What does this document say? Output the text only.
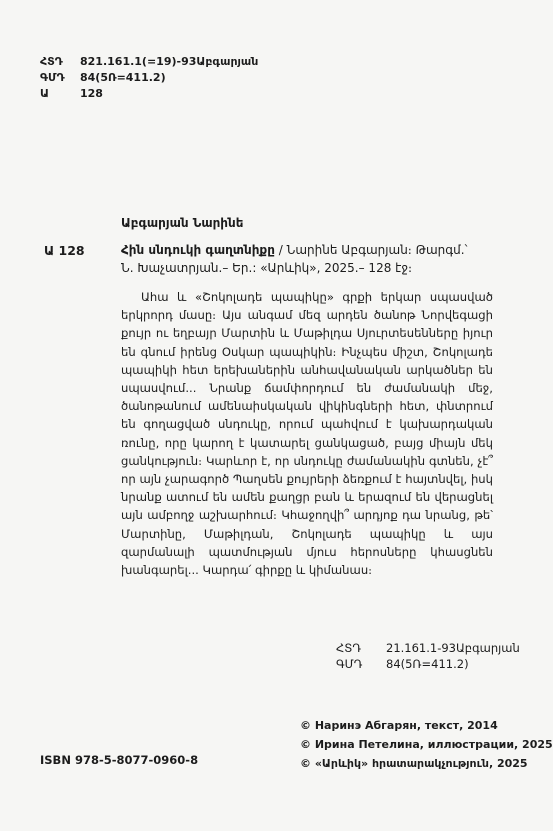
ՀՏԴ	821.161.1(=19)-93Աբգարյան
ԳՄԴ	84(5Ռ=411.2)
Ա	128
Աբգարյան Նարինե
Ա 128	Հին սնդուկի գաղտնիքը / Նարինե Աբգարյան։ Թարգմ.՝
Ն. Խաչատրյան.– Եր.: «Արևիկ», 2025.– 128 էջ։
Ահա և «Շոկոլադե պապիկը» գրքի երկար սպասված երկրորդ մասը։ Այս անգամ մեզ արդեն ծանոթ Նորվեգացի քույր ու եղբայր Մարտին և Մաթիլդա Սյուրտեսենները իյուր են գնում իրենց Օսկար պապիկին։ Ինչպես միշտ, Շոկոլադե պապիկի հետ երեխաներին անհավանական արկածներ են սպասվում... Նրանք ճամփորդում են ժամանակի մեջ, ծանոթանում ամենաիսկական վիկինգների հետ, փնտրում են գողացված սնդուկը, որում պահվում է կախարդական ռունը, որը կարող է կատարել ցանկացած, բայց միայն մեկ ցանկություն։ Կարևոր է, որ սնդուկը ժամանակին գտնեն, չէ՞ որ այն չարագործ Պաղսեն քույրերի ձեռքում է հայտնվել, իսկ նրանք ատում են ամեն քաղցր բան և երազում են վերացնել այն ամբողջ աշխարհում։ Կհաջողվի՞ արդյոք դա նրանց, թե՝ Մարտինը, Մաթիլդան, Շոկոլադե պապիկը և այս զարմանալի պատմության մյուս հերոսները կհասցնեն խանգարել... Կարդա՛ գիրքը և կիմանաս։
ՀՏԴ	21.161.1-93Աբգարյան
ԳՄԴ	84(5Ռ=411.2)
© Наринэ Абгарян, текст, 2014
© Ирина Петелина, иллюстрации, 2025
© «Արևիկ» հրատարակչություն, 2025
ISBN 978-5-8077-0960-8
